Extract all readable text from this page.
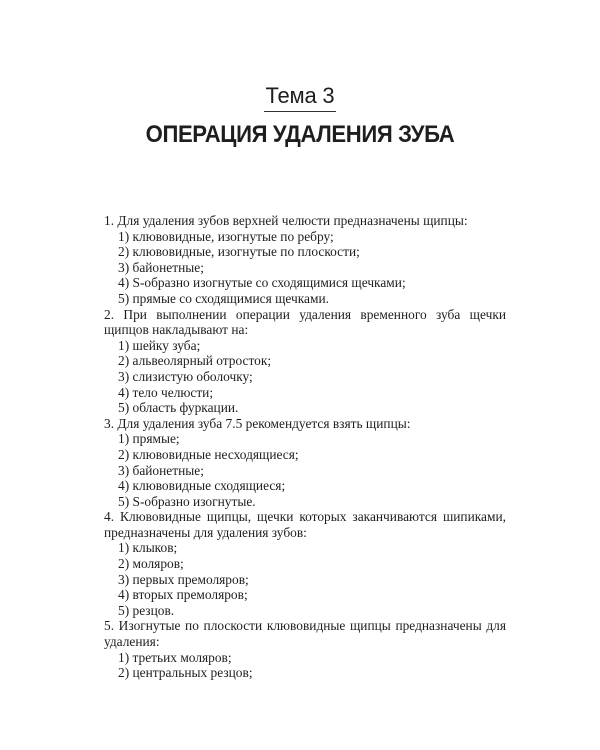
Тема 3
ОПЕРАЦИЯ УДАЛЕНИЯ ЗУБА
1. Для удаления зубов верхней челюсти предназначены щипцы:
1) клювовидные, изогнутые по ребру;
2) клювовидные, изогнутые по плоскости;
3) байонетные;
4) S-образно изогнутые со сходящимися щечками;
5) прямые со сходящимися щечками.
2. При выполнении операции удаления временного зуба щечки щипцов накладывают на:
1) шейку зуба;
2) альвеолярный отросток;
3) слизистую оболочку;
4) тело челюсти;
5) область фуркации.
3. Для удаления зуба 7.5 рекомендуется взять щипцы:
1) прямые;
2) клювовидные несходящиеся;
3) байонетные;
4) клювовидные сходящиеся;
5) S-образно изогнутые.
4. Клювовидные щипцы, щечки которых заканчиваются шипиками, предназначены для удаления зубов:
1) клыков;
2) моляров;
3) первых премоляров;
4) вторых премоляров;
5) резцов.
5. Изогнутые по плоскости клювовидные щипцы предназначены для удаления:
1) третьих моляров;
2) центральных резцов;
